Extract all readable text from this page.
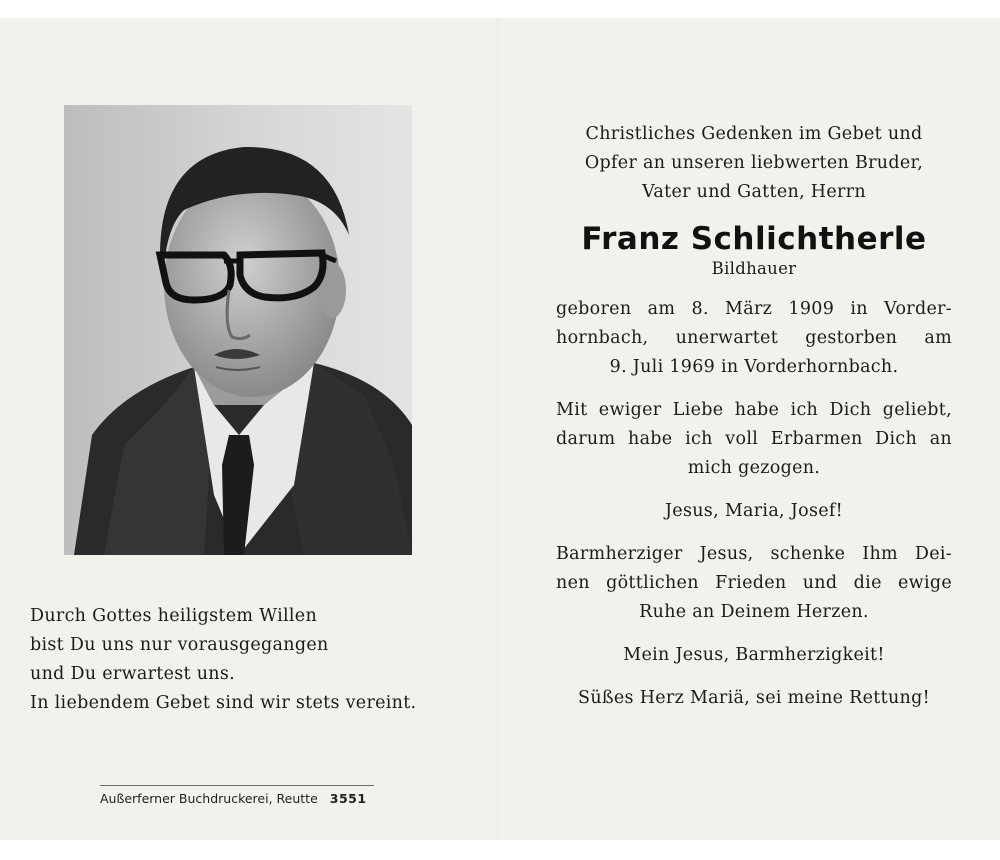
Durch Gottes heiligstem Willen
bist Du uns nur vorausgegangen
und Du erwartest uns.
In liebendem Gebet sind wir stets vereint.
Außerferner Buchdruckerei, Reutte 3551
Christliches Gedenken im Gebet und
Opfer an unseren liebwerten Bruder,
Vater und Gatten, Herrn
Franz Schlichtherle
Bildhauer
geboren am 8. März 1909 in Vorder-
hornbach, unerwartet gestorben am
9. Juli 1969 in Vorderhornbach.
Mit ewiger Liebe habe ich Dich geliebt,
darum habe ich voll Erbarmen Dich an
mich gezogen.
Jesus, Maria, Josef!
Barmherziger Jesus, schenke Ihm Dei-
nen göttlichen Frieden und die ewige
Ruhe an Deinem Herzen.
Mein Jesus, Barmherzigkeit!
Süßes Herz Mariä, sei meine Rettung!
